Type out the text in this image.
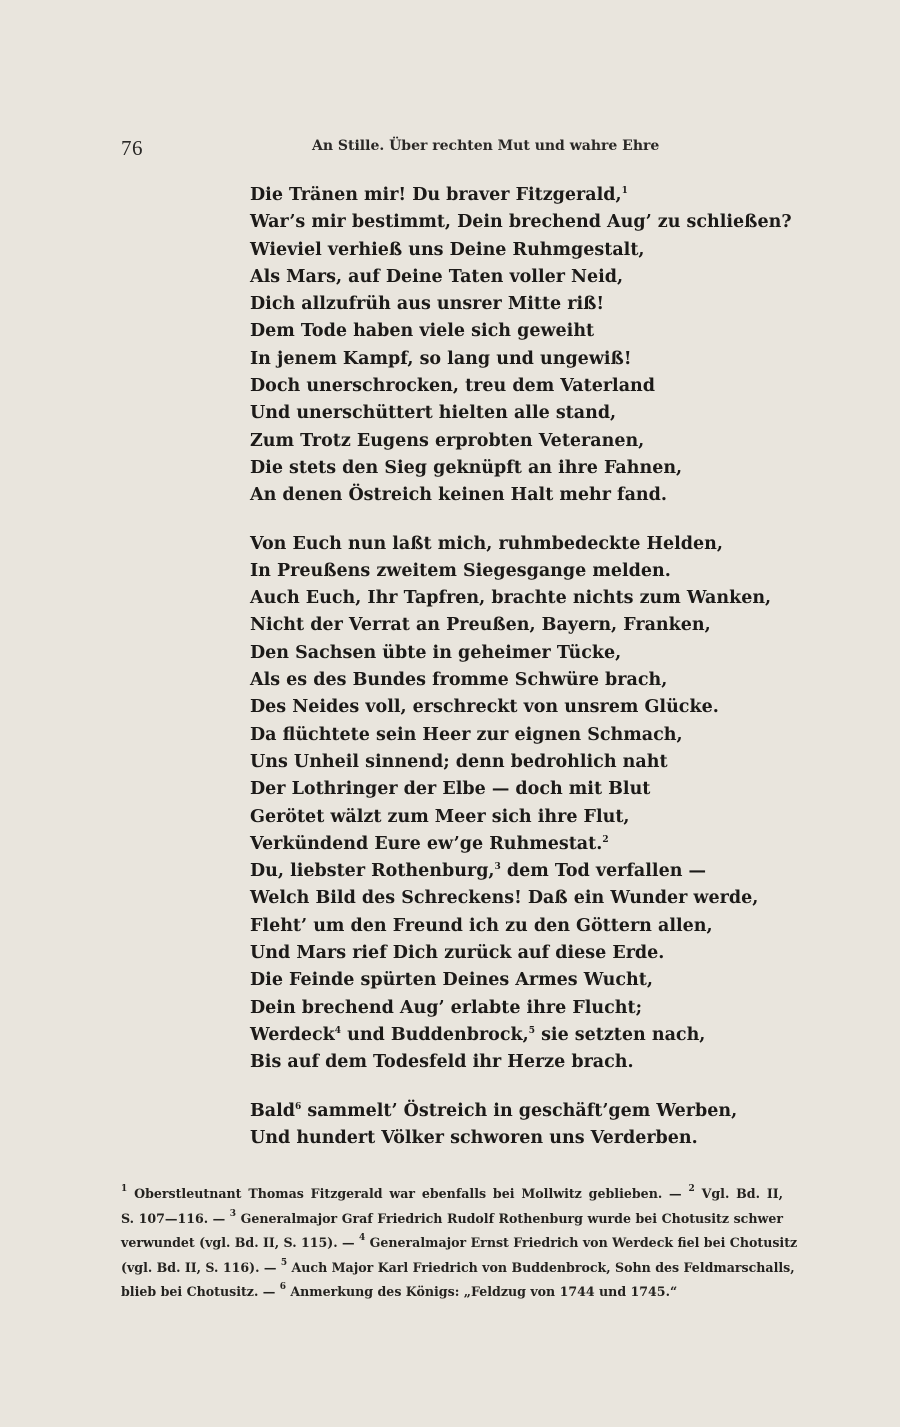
76	An Stille. Über rechten Mut und wahre Ehre
Die Tränen mir! Du braver Fitzgerald,$^1$
War’s mir bestimmt, Dein brechend Aug’ zu schließen?
Wieviel verhieß uns Deine Ruhmgestalt,
Als Mars, auf Deine Taten voller Neid,
Dich allzufrüh aus unsrer Mitte riß!
Dem Tode haben viele sich geweiht
In jenem Kampf, so lang und ungewiß!
Doch unerschrocken, treu dem Vaterland
Und unerschüttert hielten alle stand,
Zum Trotz Eugens erprobten Veteranen,
Die stets den Sieg geknüpft an ihre Fahnen,
An denen Östreich keinen Halt mehr fand.
Von Euch nun laßt mich, ruhmbedeckte Helden,
In Preußens zweitem Siegesgange melden.
Auch Euch, Ihr Tapfren, brachte nichts zum Wanken,
Nicht der Verrat an Preußen, Bayern, Franken,
Den Sachsen übte in geheimer Tücke,
Als es des Bundes fromme Schwüre brach,
Des Neides voll, erschreckt von unsrem Glücke.
Da flüchtete sein Heer zur eignen Schmach,
Uns Unheil sinnend; denn bedrohlich naht
Der Lothringer der Elbe — doch mit Blut
Gerötet wälzt zum Meer sich ihre Flut,
Verkündend Eure ew’ge Ruhmestat.$^2$
Du, liebster Rothenburg,$^3$ dem Tod verfallen —
Welch Bild des Schreckens! Daß ein Wunder werde,
Fleht’ um den Freund ich zu den Göttern allen,
Und Mars rief Dich zurück auf diese Erde.
Die Feinde spürten Deines Armes Wucht,
Dein brechend Aug’ erlabte ihre Flucht;
Werdeck$^4$ und Buddenbrock,$^5$ sie setzten nach,
Bis auf dem Todesfeld ihr Herze brach.
Bald$^6$ sammelt’ Östreich in geschäft’gem Werben,
Und hundert Völker schworen uns Verderben.
$^1$ Oberstleutnant Thomas Fitzgerald war ebenfalls bei Mollwitz geblieben. — $^2$ Vgl. Bd. II,
S. 107—116. — $^3$ Generalmajor Graf Friedrich Rudolf Rothenburg wurde bei Chotusitz schwer
verwundet (vgl. Bd. II, S. 115). — $^4$ Generalmajor Ernst Friedrich von Werdeck fiel bei Chotusitz
(vgl. Bd. II, S. 116). — $^5$ Auch Major Karl Friedrich von Buddenbrock, Sohn des Feldmarschalls,
blieb bei Chotusitz. — $^6$ Anmerkung des Königs: „Feldzug von 1744 und 1745.“
